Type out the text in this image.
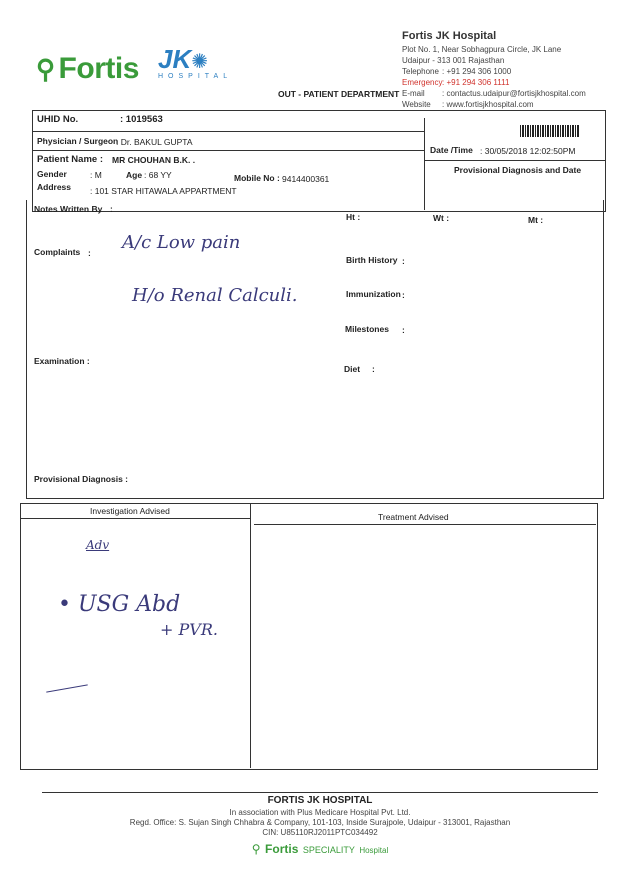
⚲ Fortis JK✺
HOSPITAL
Fortis JK Hospital
Plot No. 1, Near Sobhagpura Circle, JK Lane
Udaipur - 313 001 Rajasthan
Telephone : +91 294 306 1000
Emergency : +91 294 306 1111
E-mail : contactus.udaipur@fortisjkhospital.com
Website : www.fortisjkhospital.com
OUT - PATIENT DEPARTMENT
UHID No.	: 1019563
Physician / Surgeon
: Dr. BAKUL GUPTA
Date /Time : 30/05/2018 12:02:50PM
Patient Name : MR CHOUHAN B.K. .
Provisional Diagnosis and Date
Gender	: M	Age : 68 YY	Mobile No : 9414400361
Address : 101 STAR HITAWALA APPARTMENT
Notes Written By :
Ht :	Wt :	Mt :
Complaints : A/c Low pain
H/o Renal Calculi.
Birth History :
Immunization :
Milestones :
Diet :
Examination :
Provisional Diagnosis :
Investigation Advised
Treatment Advised
Adv
• USG Abd
+ PVR.
FORTIS JK HOSPITAL
In association with Plus Medicare Hospital Pvt. Ltd.
Regd. Office: S. Sujan Singh Chhabra & Company, 101-103, Inside Surajpole, Udaipur - 313001, Rajasthan
CIN: U85110RJ2011PTC034492
⚲ Fortis SPECIALITY Hospital
